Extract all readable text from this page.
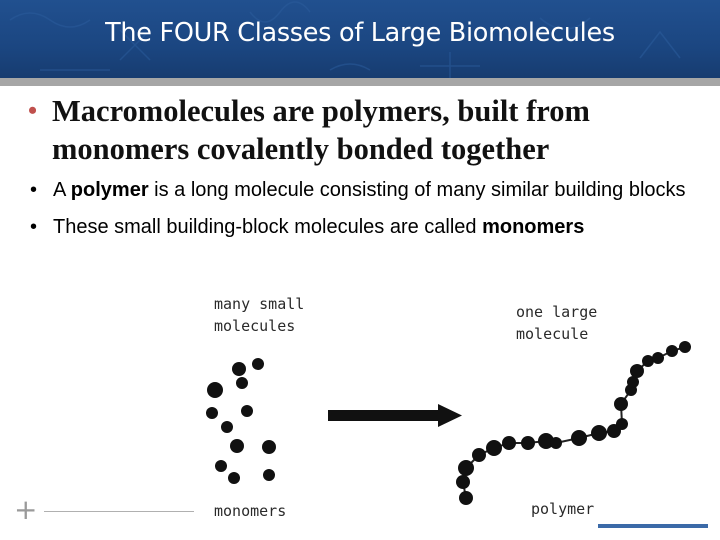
The FOUR Classes of Large Biomolecules
• Macromolecules are polymers, built from monomers covalently bonded together
• A polymer is a long molecule consisting of many similar building blocks
• These small building-block molecules are called monomers
many small
molecules
one large
molecule
monomers	polymer
+
